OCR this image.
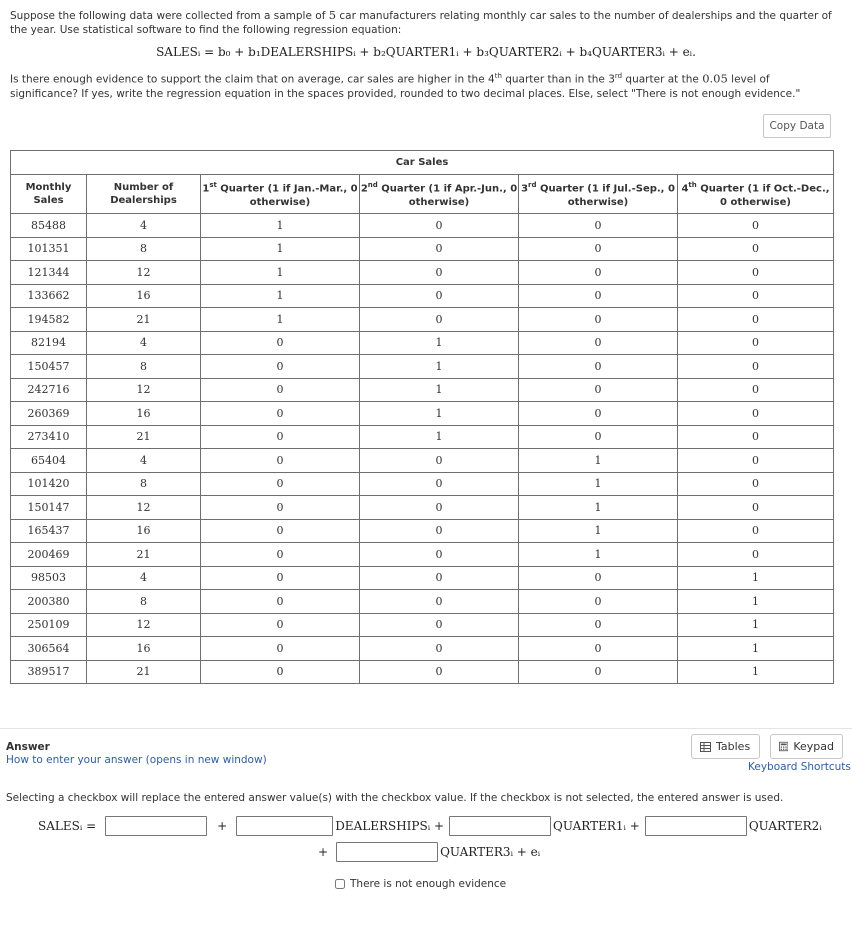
Suppose the following data were collected from a sample of 5 car manufacturers relating monthly car sales to the number of dealerships and the quarter of the year. Use statistical software to find the following regression equation:

SALESᵢ = b₀ + b₁DEALERSHIPSᵢ + b₂QUARTER1ᵢ + b₃QUARTER2ᵢ + b₄QUARTER3ᵢ + eᵢ.

Is there enough evidence to support the claim that on average, car sales are higher in the 4th quarter than in the 3rd quarter at the 0.05 level of significance? If yes, write the regression equation in the spaces provided, rounded to two decimal places. Else, select "There is not enough evidence."

Copy Data
Car Sales					
Monthly Sales	Number of Dealerships	1st Quarter (1 if Jan.-Mar., 0 otherwise)	2nd Quarter (1 if Apr.-Jun., 0 otherwise)	3rd Quarter (1 if Jul.-Sep., 0 otherwise)	4th Quarter (1 if Oct.-Dec., 0 otherwise)
85488	4	1	0	0	0
101351	8	1	0	0	0
121344	12	1	0	0	0
133662	16	1	0	0	0
194582	21	1	0	0	0
82194	4	0	1	0	0
150457	8	0	1	0	0
242716	12	0	1	0	0
260369	16	0	1	0	0
273410	21	0	1	0	0
65404	4	0	0	1	0
101420	8	0	0	1	0
150147	12	0	0	1	0
165437	16	0	0	1	0
200469	21	0	0	1	0
98503	4	0	0	0	1
200380	8	0	0	0	1
250109	12	0	0	0	1
306564	16	0	0	0	1
389517	21	0	0	0	1
Answer
How to enter your answer (opens in new window)
Tables	Keypad
Keyboard Shortcuts
Selecting a checkbox will replace the entered answer value(s) with the checkbox value. If the checkbox is not selected, the entered answer is used.
SALESᵢ =	+	DEALERSHIPSᵢ +	QUARTER1ᵢ +	QUARTER2ᵢ
+	QUARTER3ᵢ + eᵢ
There is not enough evidence
